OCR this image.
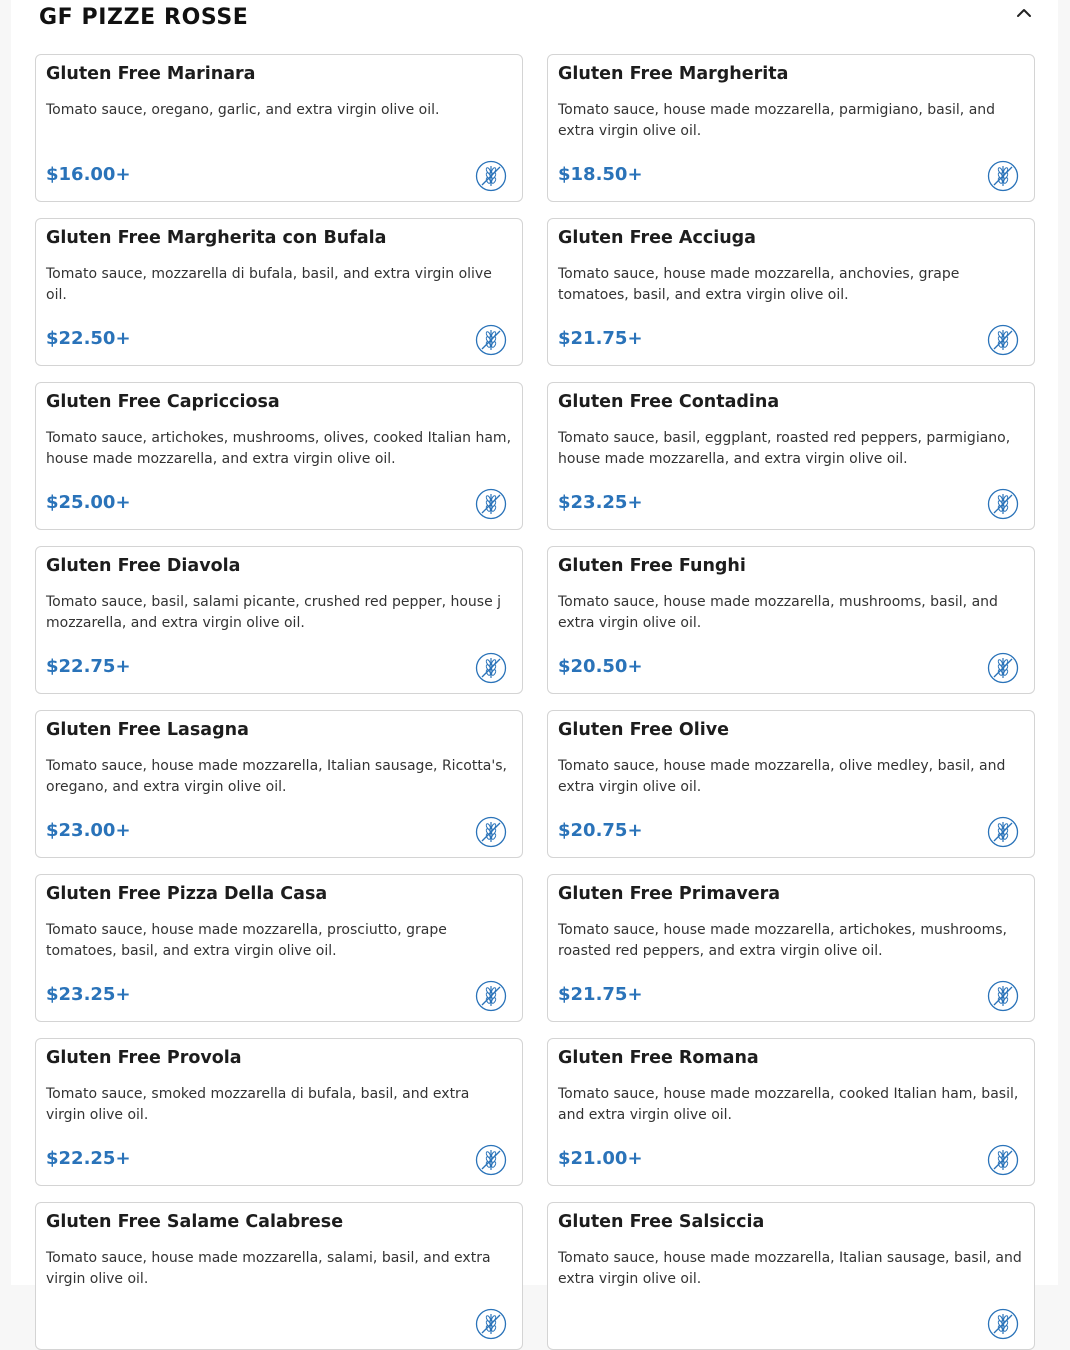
GF PIZZE ROSSE
Gluten Free Marinara
Tomato sauce, oregano, garlic, and extra virgin olive oil.
$16.00+
Gluten Free Margherita
Tomato sauce, house made mozzarella, parmigiano, basil, and extra virgin olive oil.
$18.50+
Gluten Free Margherita con Bufala
Tomato sauce, mozzarella di bufala, basil, and extra virgin olive oil.
$22.50+
Gluten Free Acciuga
Tomato sauce, house made mozzarella, anchovies, grape tomatoes, basil, and extra virgin olive oil.
$21.75+
Gluten Free Capricciosa
Tomato sauce, artichokes, mushrooms, olives, cooked Italian ham, house made mozzarella, and extra virgin olive oil.
$25.00+
Gluten Free Contadina
Tomato sauce, basil, eggplant, roasted red peppers, parmigiano, house made mozzarella, and extra virgin olive oil.
$23.25+
Gluten Free Diavola
Tomato sauce, basil, salami picante, crushed red pepper, house j mozzarella, and extra virgin olive oil.
$22.75+
Gluten Free Funghi
Tomato sauce, house made mozzarella, mushrooms, basil, and extra virgin olive oil.
$20.50+
Gluten Free Lasagna
Tomato sauce, house made mozzarella, Italian sausage, Ricotta's, oregano, and extra virgin olive oil.
$23.00+
Gluten Free Olive
Tomato sauce, house made mozzarella, olive medley, basil, and extra virgin olive oil.
$20.75+
Gluten Free Pizza Della Casa
Tomato sauce, house made mozzarella, prosciutto, grape tomatoes, basil, and extra virgin olive oil.
$23.25+
Gluten Free Primavera
Tomato sauce, house made mozzarella, artichokes, mushrooms, roasted red peppers, and extra virgin olive oil.
$21.75+
Gluten Free Provola
Tomato sauce, smoked mozzarella di bufala, basil, and extra virgin olive oil.
$22.25+
Gluten Free Romana
Tomato sauce, house made mozzarella, cooked Italian ham, basil, and extra virgin olive oil.
$21.00+
Gluten Free Salame Calabrese
Tomato sauce, house made mozzarella, salami, basil, and extra virgin olive oil.
Gluten Free Salsiccia
Tomato sauce, house made mozzarella, Italian sausage, basil, and extra virgin olive oil.
